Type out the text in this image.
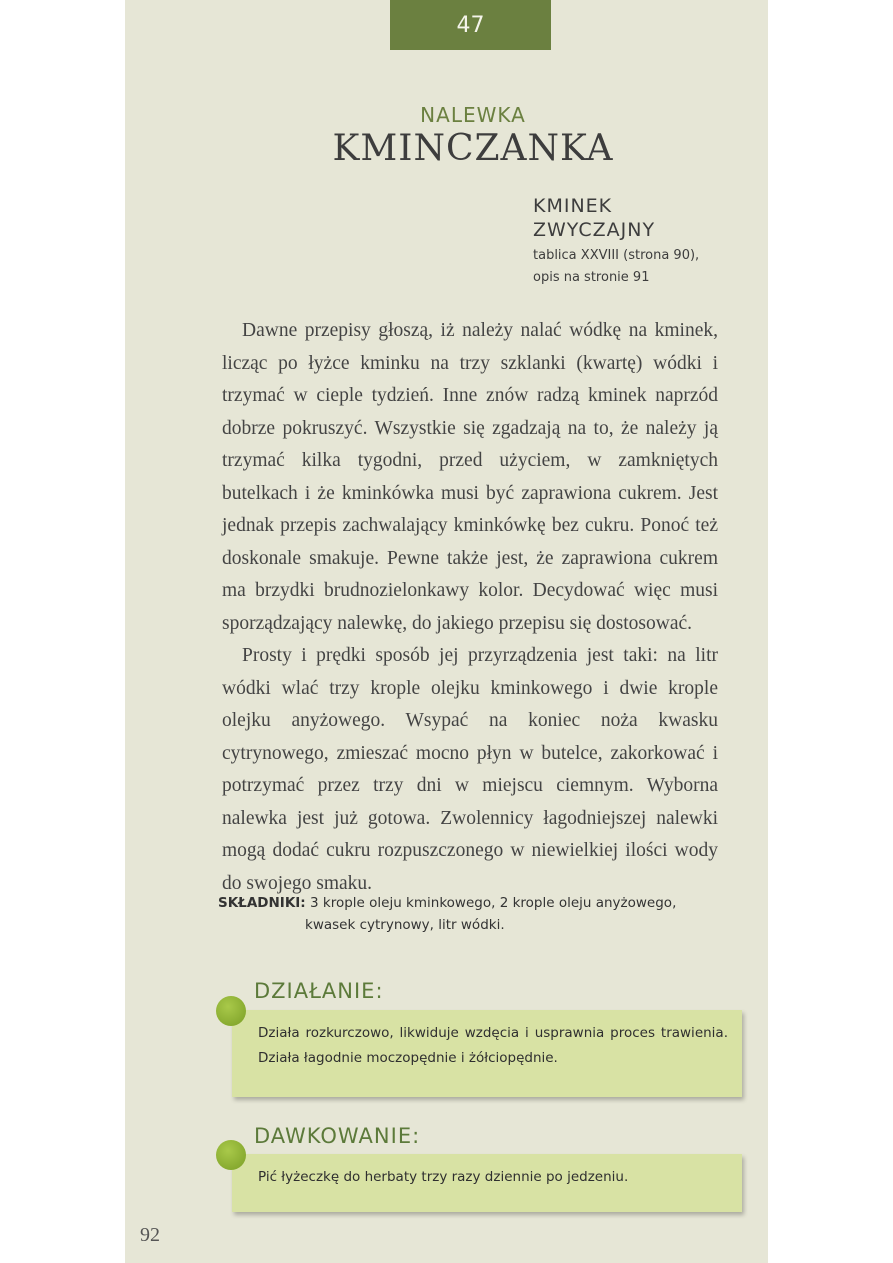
47
NALEWKA
KMINCZANKA
KMINEK
ZWYCZAJNY
tablica XXVIII (strona 90),
opis na stronie 91

Dawne przepisy głoszą, iż należy nalać wódkę na kminek, licząc po łyżce kminku na trzy szklanki (kwartę) wódki i trzymać w cieple tydzień. Inne znów radzą kminek naprzód dobrze pokruszyć. Wszystkie się zgadzają na to, że należy ją trzymać kilka tygodni, przed użyciem, w zamkniętych butelkach i że kminkówka musi być zaprawiona cukrem. Jest jednak przepis zachwalający kminkówkę bez cukru. Ponoć też doskonale smakuje. Pewne także jest, że zaprawiona cukrem ma brzydki brudnozielonkawy kolor. Decydować więc musi sporządzający nalewkę, do jakiego przepisu się dostosować.

Prosty i prędki sposób jej przyrządzenia jest taki: na litr wódki wlać trzy krople olejku kminkowego i dwie krople olejku anyżowego. Wsypać na koniec noża kwasku cytrynowego, zmieszać mocno płyn w butelce, zakorkować i potrzymać przez trzy dni w miejscu ciemnym. Wyborna nalewka jest już gotowa. Zwolennicy łagodniejszej nalewki mogą dodać cukru rozpuszczonego w niewielkiej ilości wody do swojego smaku.

SKŁADNIKI: 3 krople oleju kminkowego, 2 krople oleju anyżowego,
kwasek cytrynowy, litr wódki.
DZIAŁANIE:
Działa rozkurczowo, likwiduje wzdęcia i usprawnia proces trawienia. Działa łagodnie moczopędnie i żółciopędnie.
DAWKOWANIE:
Pić łyżeczkę do herbaty trzy razy dziennie po jedzeniu.
92
